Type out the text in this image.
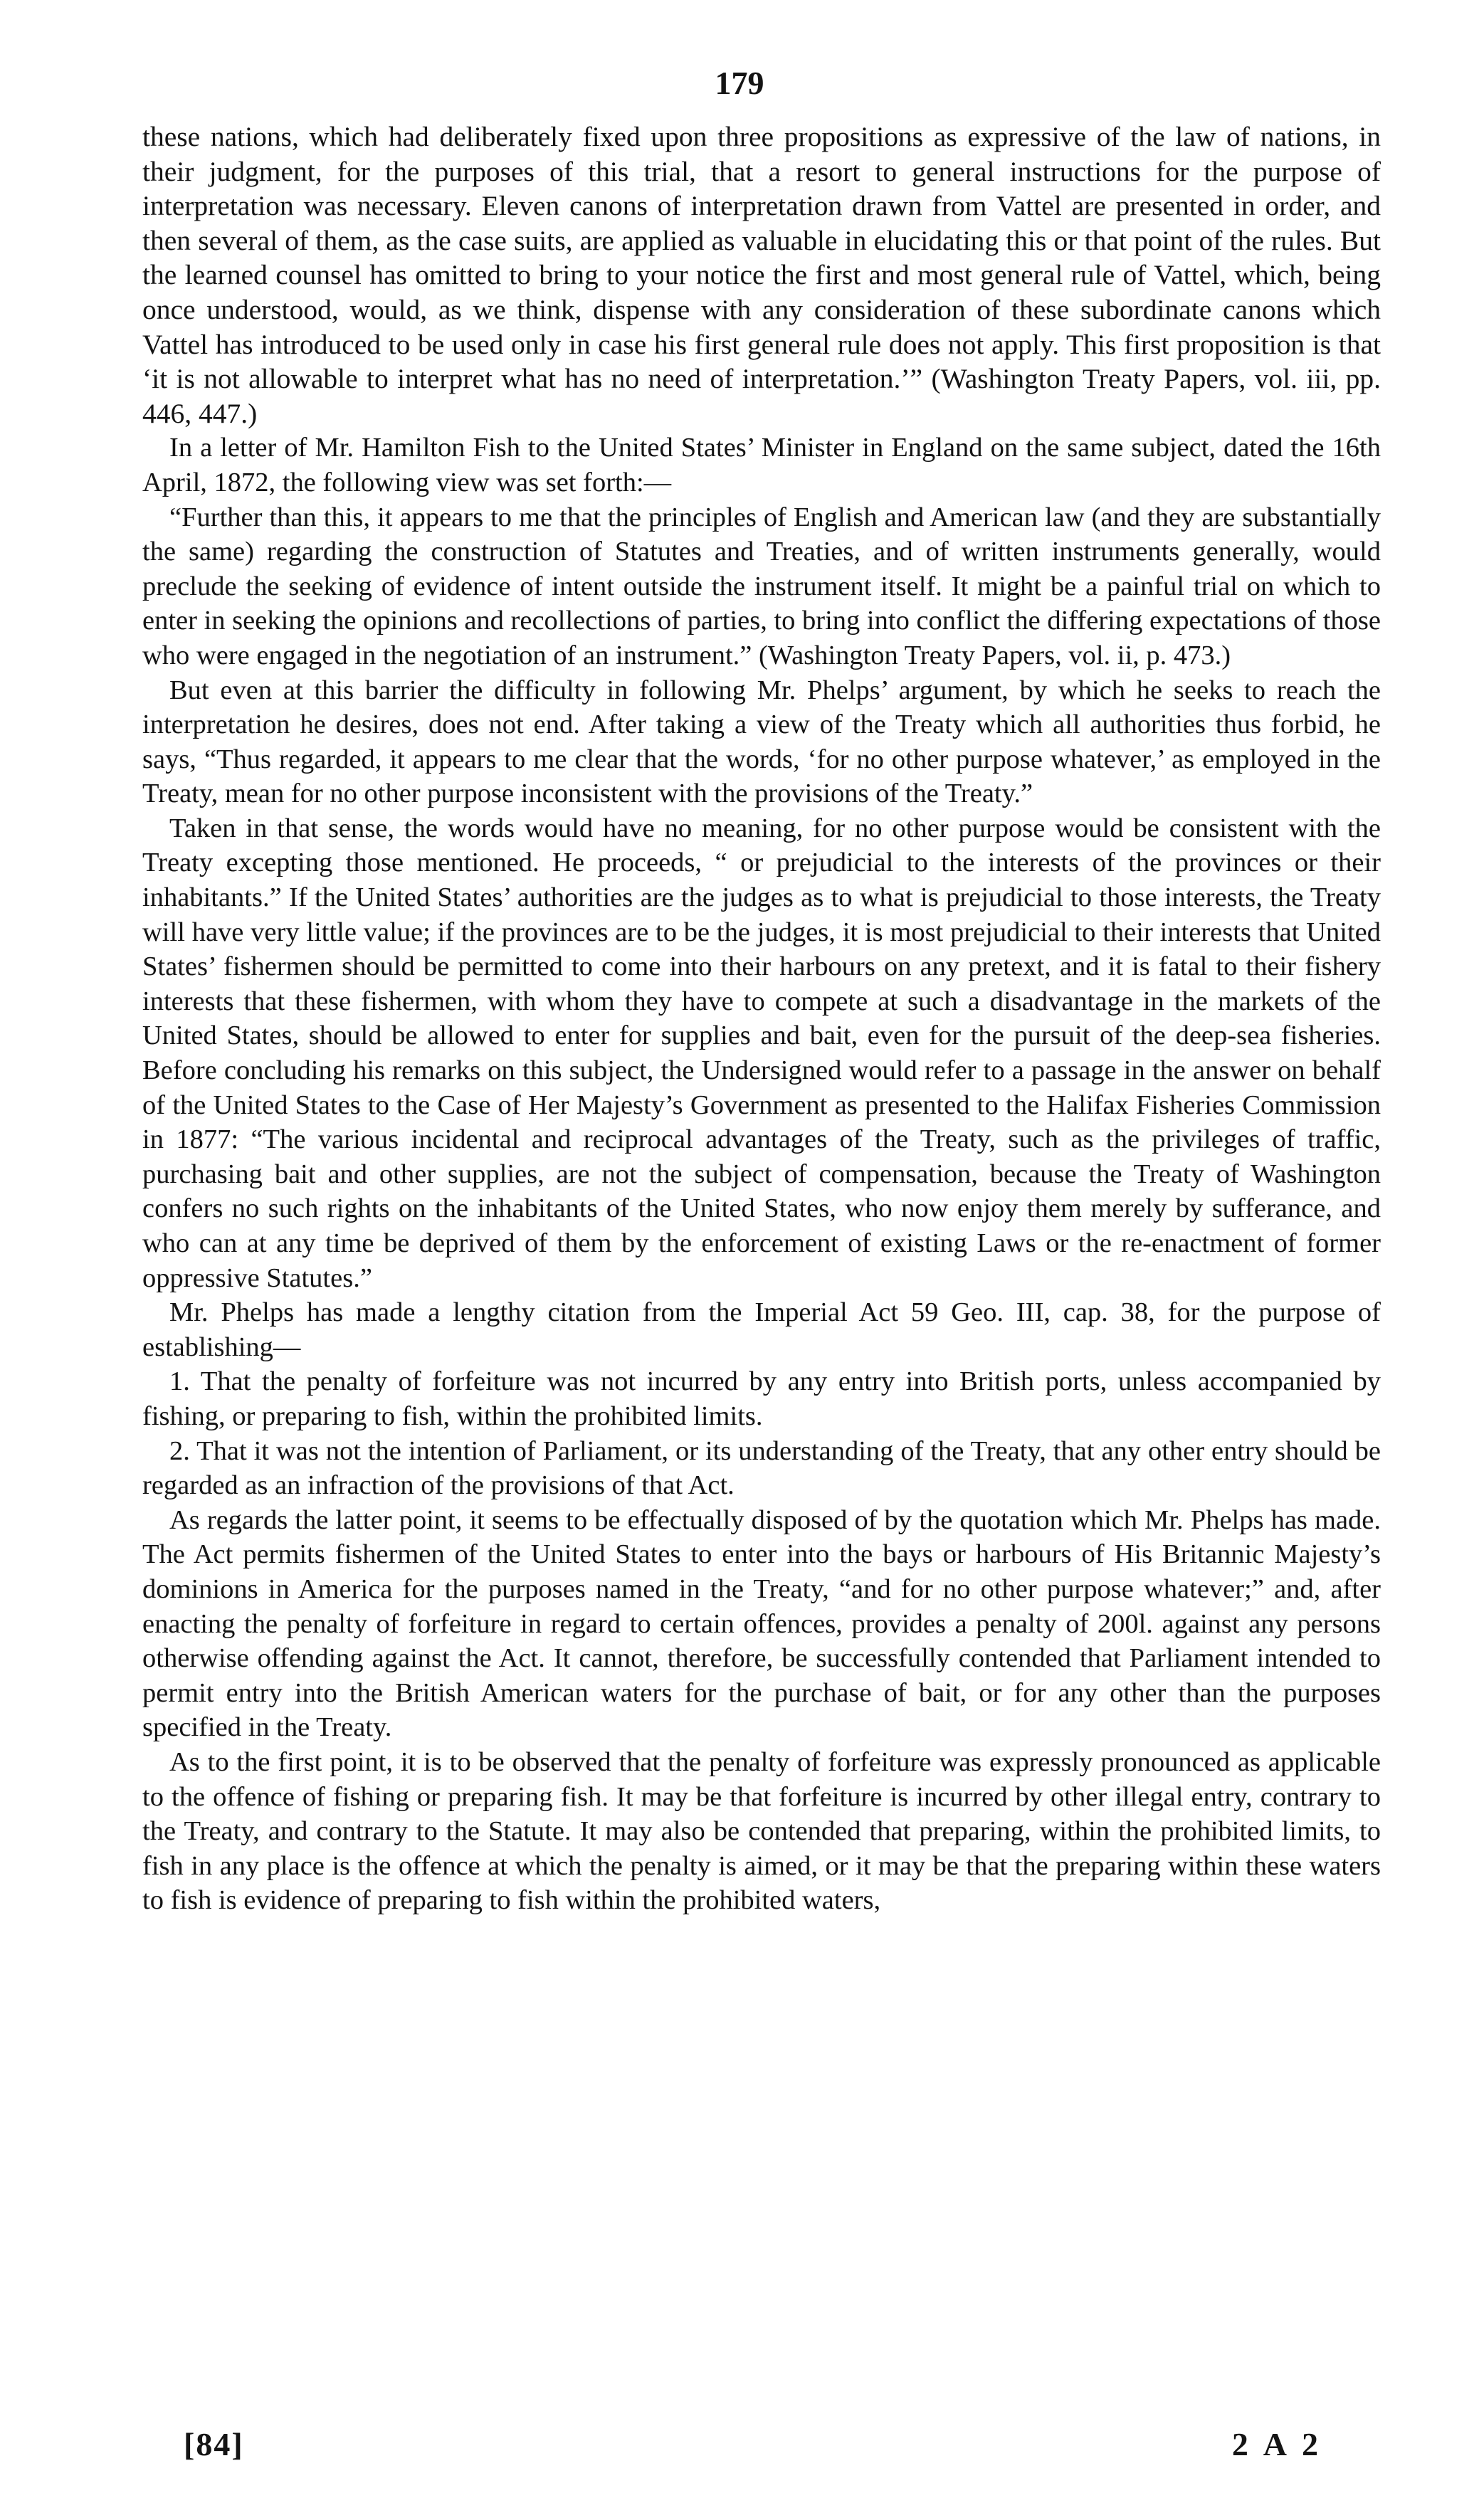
179

these nations, which had deliberately fixed upon three propositions as expressive of the law of nations, in their judgment, for the purposes of this trial, that a resort to general instructions for the purpose of interpretation was necessary. Eleven canons of interpretation drawn from Vattel are presented in order, and then several of them, as the case suits, are applied as valuable in elucidating this or that point of the rules. But the learned counsel has omitted to bring to your notice the first and most general rule of Vattel, which, being once understood, would, as we think, dispense with any consideration of these subordinate canons which Vattel has introduced to be used only in case his first general rule does not apply. This first proposition is that ‘it is not allowable to interpret what has no need of interpretation.’” (Washington Treaty Papers, vol. iii, pp. 446, 447.)

In a letter of Mr. Hamilton Fish to the United States’ Minister in England on the same subject, dated the 16th April, 1872, the following view was set forth:—

“Further than this, it appears to me that the principles of English and American law (and they are substantially the same) regarding the construction of Statutes and Treaties, and of written instruments generally, would preclude the seeking of evidence of intent outside the instrument itself. It might be a painful trial on which to enter in seeking the opinions and recollections of parties, to bring into conflict the differing expectations of those who were engaged in the negotiation of an instrument.” (Washington Treaty Papers, vol. ii, p. 473.)

But even at this barrier the difficulty in following Mr. Phelps’ argument, by which he seeks to reach the interpretation he desires, does not end. After taking a view of the Treaty which all authorities thus forbid, he says, “Thus regarded, it appears to me clear that the words, ‘for no other purpose whatever,’ as employed in the Treaty, mean for no other purpose inconsistent with the provisions of the Treaty.”

Taken in that sense, the words would have no meaning, for no other purpose would be consistent with the Treaty excepting those mentioned. He proceeds, “ or prejudicial to the interests of the provinces or their inhabitants.” If the United States’ authorities are the judges as to what is prejudicial to those interests, the Treaty will have very little value; if the provinces are to be the judges, it is most prejudicial to their interests that United States’ fishermen should be permitted to come into their harbours on any pretext, and it is fatal to their fishery interests that these fishermen, with whom they have to compete at such a disadvantage in the markets of the United States, should be allowed to enter for supplies and bait, even for the pursuit of the deep-sea fisheries. Before concluding his remarks on this subject, the Undersigned would refer to a passage in the answer on behalf of the United States to the Case of Her Majesty’s Government as presented to the Halifax Fisheries Commission in 1877: “The various incidental and reciprocal advantages of the Treaty, such as the privileges of traffic, purchasing bait and other supplies, are not the subject of compensation, because the Treaty of Washington confers no such rights on the inhabitants of the United States, who now enjoy them merely by sufferance, and who can at any time be deprived of them by the enforcement of existing Laws or the re-enactment of former oppressive Statutes.”

Mr. Phelps has made a lengthy citation from the Imperial Act 59 Geo. III, cap. 38, for the purpose of establishing—

1. That the penalty of forfeiture was not incurred by any entry into British ports, unless accompanied by fishing, or preparing to fish, within the prohibited limits.

2. That it was not the intention of Parliament, or its understanding of the Treaty, that any other entry should be regarded as an infraction of the provisions of that Act.

As regards the latter point, it seems to be effectually disposed of by the quotation which Mr. Phelps has made. The Act permits fishermen of the United States to enter into the bays or harbours of His Britannic Majesty’s dominions in America for the purposes named in the Treaty, “and for no other purpose whatever;” and, after enacting the penalty of forfeiture in regard to certain offences, provides a penalty of 200l. against any persons otherwise offending against the Act. It cannot, therefore, be successfully contended that Parliament intended to permit entry into the British American waters for the purchase of bait, or for any other than the purposes specified in the Treaty.

As to the first point, it is to be observed that the penalty of forfeiture was expressly pronounced as applicable to the offence of fishing or preparing fish. It may be that forfeiture is incurred by other illegal entry, contrary to the Treaty, and contrary to the Statute. It may also be contended that preparing, within the prohibited limits, to fish in any place is the offence at which the penalty is aimed, or it may be that the preparing within these waters to fish is evidence of preparing to fish within the prohibited waters,

[84]	2 A 2
